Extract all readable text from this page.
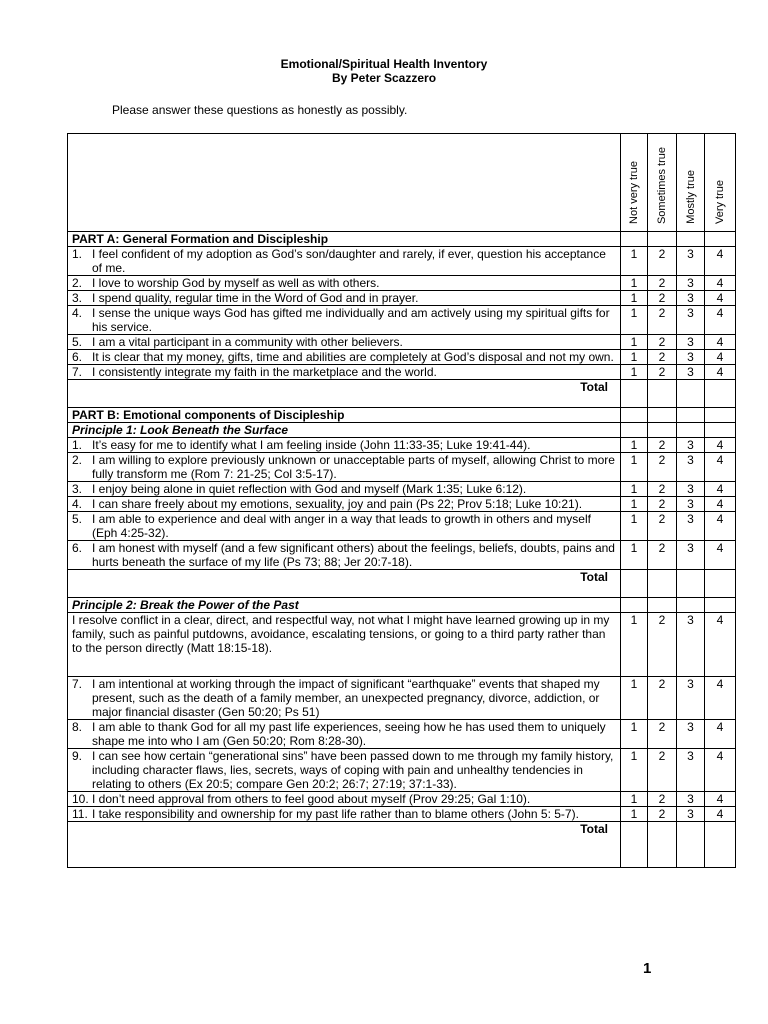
Emotional/Spiritual Health Inventory
By Peter Scazzero
Please answer these questions as honestly as possibly.
	Not very true	Sometimes true	Mostly true	Very true
PART A: General Formation and Discipleship				
1. I feel confident of my adoption as God’s son/daughter and rarely, if ever, question his acceptance of me.	1	2	3	4
2. I love to worship God by myself as well as with others.	1	2	3	4
3. I spend quality, regular time in the Word of God and in prayer.	1	2	3	4
4. I sense the unique ways God has gifted me individually and am actively using my spiritual gifts for his service.	1	2	3	4
5. I am a vital participant in a community with other believers.	1	2	3	4
6. It is clear that my money, gifts, time and abilities are completely at God’s disposal and not my own.	1	2	3	4
7. I consistently integrate my faith in the marketplace and the world.	1	2	3	4
Total				
PART B: Emotional components of Discipleship				
Principle 1: Look Beneath the Surface				
1. It’s easy for me to identify what I am feeling inside (John 11:33-35; Luke 19:41-44).	1	2	3	4
2. I am willing to explore previously unknown or unacceptable parts of myself, allowing Christ to more fully transform me (Rom 7: 21-25; Col 3:5-17).	1	2	3	4
3. I enjoy being alone in quiet reflection with God and myself (Mark 1:35; Luke 6:12).	1	2	3	4
4. I can share freely about my emotions, sexuality, joy and pain (Ps 22; Prov 5:18; Luke 10:21).	1	2	3	4
5. I am able to experience and deal with anger in a way that leads to growth in others and myself (Eph 4:25-32).	1	2	3	4
6. I am honest with myself (and a few significant others) about the feelings, beliefs, doubts, pains and hurts beneath the surface of my life (Ps 73; 88; Jer 20:7-18).	1	2	3	4
Total				
Principle 2: Break the Power of the Past				
I resolve conflict in a clear, direct, and respectful way, not what I might have learned growing up in my family, such as painful putdowns, avoidance, escalating tensions, or going to a third party rather than to the person directly (Matt 18:15-18).	1	2	3	4
7. I am intentional at working through the impact of significant “earthquake” events that shaped my present, such as the death of a family member, an unexpected pregnancy, divorce, addiction, or major financial disaster (Gen 50:20; Ps 51)	1	2	3	4
8. I am able to thank God for all my past life experiences, seeing how he has used them to uniquely shape me into who I am (Gen 50:20; Rom 8:28-30).	1	2	3	4
9. I can see how certain “generational sins” have been passed down to me through my family history, including character flaws, lies, secrets, ways of coping with pain and unhealthy tendencies in relating to others (Ex 20:5; compare Gen 20:2; 26:7; 27:19; 37:1-33).	1	2	3	4
10. I don’t need approval from others to feel good about myself (Prov 29:25; Gal 1:10).	1	2	3	4
11. I take responsibility and ownership for my past life rather than to blame others (John 5: 5-7).	1	2	3	4
Total				
1
